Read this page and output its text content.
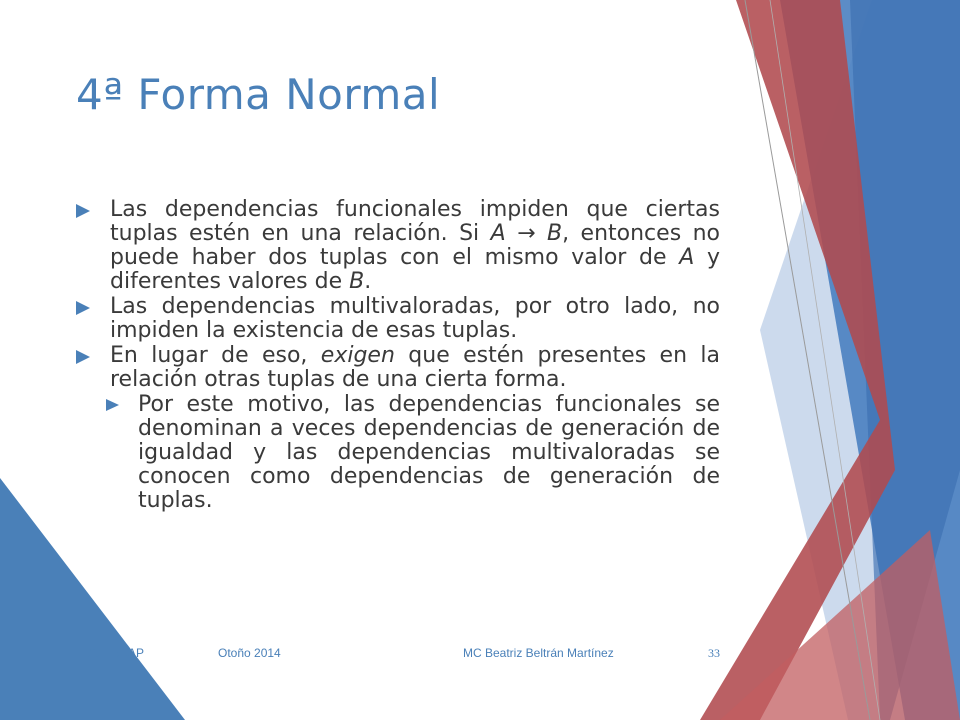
4ª Forma Normal
Las dependencias funcionales impiden que ciertas tuplas estén en una relación. Si A → B, entonces no puede haber dos tuplas con el mismo valor de A y diferentes valores de B.
Las dependencias multivaloradas, por otro lado, no impiden la existencia de esas tuplas.
En lugar de eso, exigen que estén presentes en la relación otras tuplas de una cierta forma.
Por este motivo, las dependencias funcionales se denominan a veces dependencias de generación de igualdad y las dependencias multivaloradas se conocen como dependencias de generación de tuplas.
FCC - BUAP	Otoño 2014	MC Beatriz Beltrán Martínez	33
